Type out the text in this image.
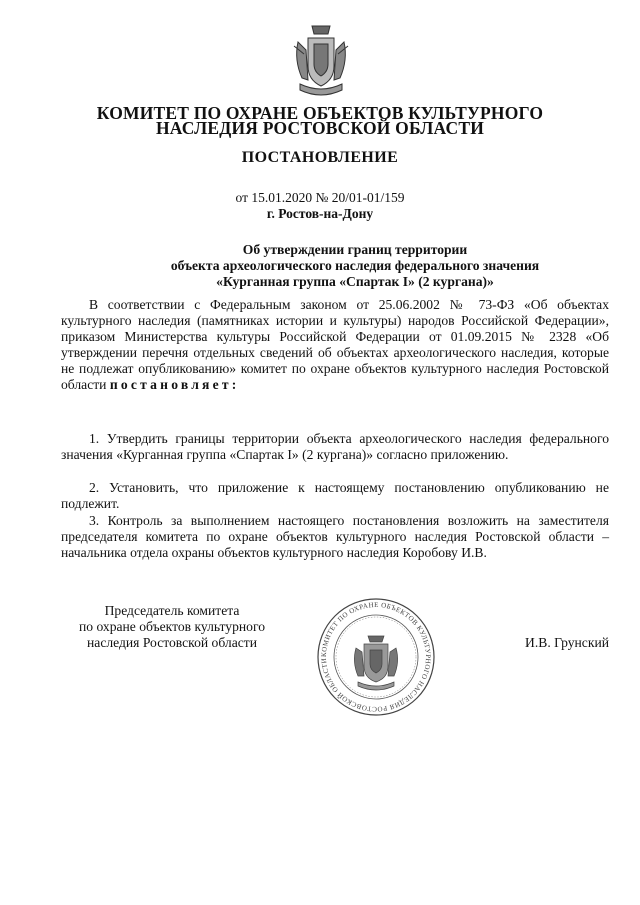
КОМИТЕТ ПО ОХРАНЕ ОБЪЕКТОВ КУЛЬТУРНОГО
НАСЛЕДИЯ РОСТОВСКОЙ ОБЛАСТИ
ПОСТАНОВЛЕНИЕ
от 15.01.2020 № 20/01-01/159
г. Ростов-на-Дону
Об утверждении границ территории
объекта археологического наследия федерального значения
«Курганная группа «Спартак I» (2 кургана)»

В соответствии с Федеральным законом от 25.06.2002 № 73-ФЗ «Об объектах культурного наследия (памятниках истории и культуры) народов Российской Федерации», приказом Министерства культуры Российской Федерации от 01.09.2015 № 2328 «Об утверждении перечня отдельных сведений об объектах археологического наследия, которые не подлежат опубликованию» комитет по охране объектов культурного наследия Ростовской области постановляет:

1. Утвердить границы территории объекта археологического наследия федерального значения «Курганная группа «Спартак I» (2 кургана)» согласно приложению.

2. Установить, что приложение к настоящему постановлению опубликованию не подлежит.

3. Контроль за выполнением настоящего постановления возложить на заместителя председателя комитета по охране объектов культурного наследия Ростовской области – начальника отдела охраны объектов культурного наследия Коробову И.В.

Председатель комитета
по охране объектов культурного
наследия Ростовской области
КОМИТЕТ ПО ОХРАНЕ ОБЪЕКТОВ КУЛЬТУРНОГО НАСЛЕДИЯ РОСТОВСКОЙ ОБЛАСТИ
И.В. Грунский
